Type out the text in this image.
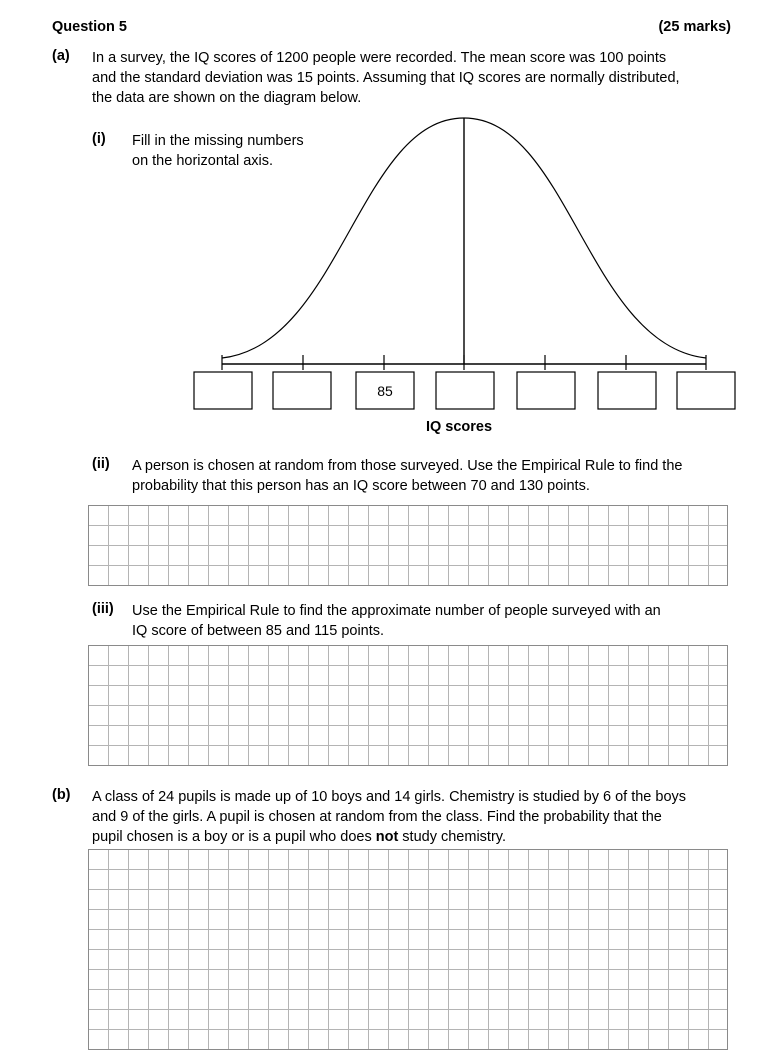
Question 5	(25 marks)
(a) In a survey, the IQ scores of 1200 people were recorded. The mean score was 100 points
and the standard deviation was 15 points. Assuming that IQ scores are normally distributed,
the data are shown on the diagram below.
(i) Fill in the missing numbers
on the horizontal axis.
85
IQ scores
(ii) A person is chosen at random from those surveyed. Use the Empirical Rule to find the
probability that this person has an IQ score between 70 and 130 points.
(iii) Use the Empirical Rule to find the approximate number of people surveyed with an
IQ score of between 85 and 115 points.
(b) A class of 24 pupils is made up of 10 boys and 14 girls. Chemistry is studied by 6 of the boys
and 9 of the girls. A pupil is chosen at random from the class. Find the probability that the
pupil chosen is a boy or is a pupil who does not study chemistry.
